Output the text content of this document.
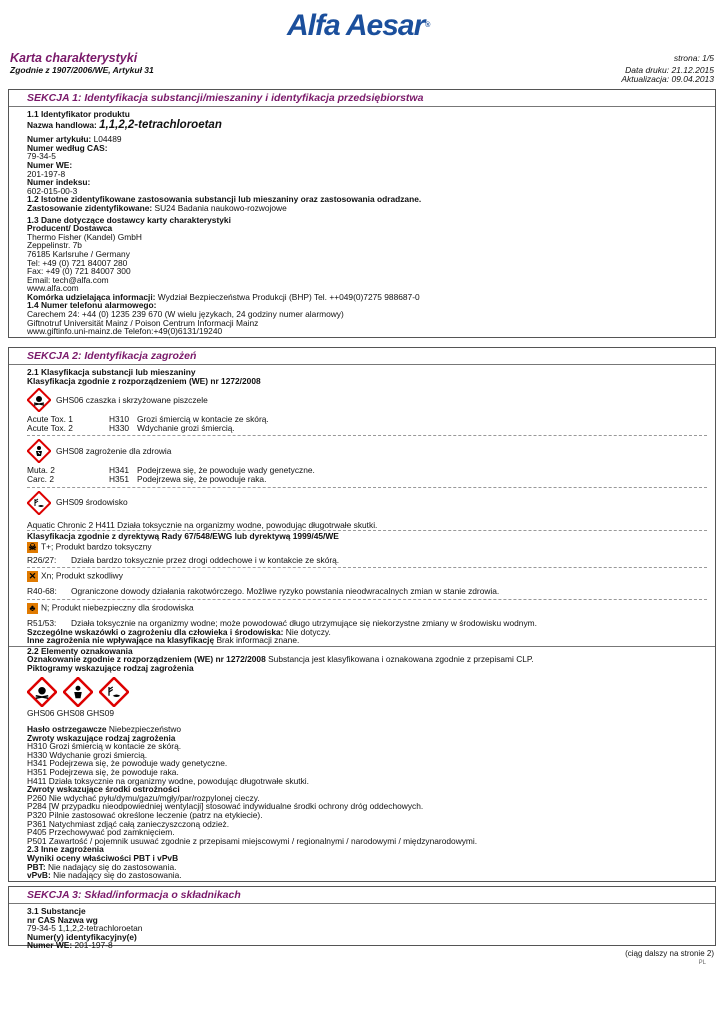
Alfa Aesar®
Karta charakterystyki
Zgodnie z 1907/2006/WE, Artykuł 31
strona: 1/5
Data druku: 21.12.2015
Aktualizacja: 09.04.2013
SEKCJA 1: Identyfikacja substancji/mieszaniny i identyfikacja przedsiębiorstwa
1.1 Identyfikator produktu
Nazwa handlowa: 1,1,2,2-tetrachloroetan
Numer artykułu: L04489
Numer według CAS:
79-34-5
Numer WE:
201-197-8
Numer indeksu:
602-015-00-3
1.2 Istotne zidentyfikowane zastosowania substancji lub mieszaniny oraz zastosowania odradzane.
Zastosowanie zidentyfikowane: SU24 Badania naukowo-rozwojowe
1.3 Dane dotyczące dostawcy karty charakterystyki
Producent/ Dostawca
Thermo Fisher (Kandel) GmbH
Zeppelinstr. 7b
76185 Karlsruhe / Germany
Tel: +49 (0) 721 84007 280
Fax: +49 (0) 721 84007 300
Email: tech@alfa.com
www.alfa.com
Komórka udzielająca informacji: Wydział Bezpieczeństwa Produkcji (BHP) Tel. ++049(0)7275 988687-0
1.4 Numer telefonu alarmowego:
Carechem 24: +44 (0) 1235 239 670 (W wielu językach, 24 godziny numer alarmowy)
Giftnotruf Universität Mainz / Poison Centrum Informacji Mainz
www.giftinfo.uni-mainz.de Telefon:+49(0)6131/19240
SEKCJA 2: Identyfikacja zagrożeń
2.1 Klasyfikacja substancji lub mieszaniny
Klasyfikacja zgodnie z rozporządzeniem (WE) nr 1272/2008
GHS06 czaszka i skrzyżowane piszczele
Acute Tox. 1	H310 Grozi śmiercią w kontacie ze skórą.
Acute Tox. 2	H330 Wdychanie grozi śmiercią.
GHS08 zagrożenie dla zdrowia
Muta. 2	H341 Podejrzewa się, że powoduje wady genetyczne.
Carc. 2	H351 Podejrzewa się, że powoduje raka.
GHS09 środowisko
Aquatic Chronic 2 H411 Działa toksycznie na organizmy wodne, powodując długotrwałe skutki.
Klasyfikacja zgodnie z dyrektywą Rady 67/548/EWG lub dyrektywą 1999/45/WE
☠ T+; Produkt bardzo toksyczny
R26/27: Działa bardzo toksycznie przez drogi oddechowe i w kontakcie ze skórą.
✕ Xn; Produkt szkodliwy
R40-68: Ograniczone dowody działania rakotwórczego. Możliwe ryzyko powstania nieodwracalnych zmian w stanie zdrowia.
♣ N; Produkt niebezpieczny dla środowiska
R51/53: Działa toksycznie na organizmy wodne; może powodować długo utrzymujące się niekorzystne zmiany w środowisku wodnym.
Szczególne wskazówki o zagrożeniu dla człowieka i środowiska: Nie dotyczy.
Inne zagrożenia nie wpływające na klasyfikację Brak informacji znane.
2.2 Elementy oznakowania
Oznakowanie zgodnie z rozporządzeniem (WE) nr 1272/2008 Substancja jest klasyfikowana i oznakowana zgodnie z przepisami CLP.
Piktogramy wskazujące rodzaj zagrożenia
GHS06 GHS08 GHS09
Hasło ostrzegawcze Niebezpieczeństwo
Zwroty wskazujące rodzaj zagrożenia
H310 Grozi śmiercią w kontacie ze skórą.
H330 Wdychanie grozi śmiercią.
H341 Podejrzewa się, że powoduje wady genetyczne.
H351 Podejrzewa się, że powoduje raka.
H411 Działa toksycznie na organizmy wodne, powodując długotrwałe skutki.
Zwroty wskazujące środki ostrożności
P260 Nie wdychać pyłu/dymu/gazu/mgły/par/rozpylonej cieczy.
P284 [W przypadku nieodpowiedniej wentylacji] stosować indywidualne środki ochrony dróg oddechowych.
P320 Pilnie zastosować określone leczenie (patrz na etykiecie).
P361 Natychmiast zdjąć całą zanieczyszczoną odzież.
P405 Przechowywać pod zamknięciem.
P501 Zawartość / pojemnik usuwać zgodnie z przepisami miejscowymi / regionalnymi / narodowymi / międzynarodowymi.
2.3 Inne zagrożenia
Wyniki oceny właściwości PBT i vPvB
PBT: Nie nadający się do zastosowania.
vPvB: Nie nadający się do zastosowania.
SEKCJA 3: Skład/informacja o składnikach
3.1 Substancje
nr CAS Nazwa wg
79-34-5 1,1,2,2-tetrachloroetan
Numer(y) identyfikacyjny(e)
Numer WE: 201-197-8
(ciąg dalszy na stronie 2)
PL
